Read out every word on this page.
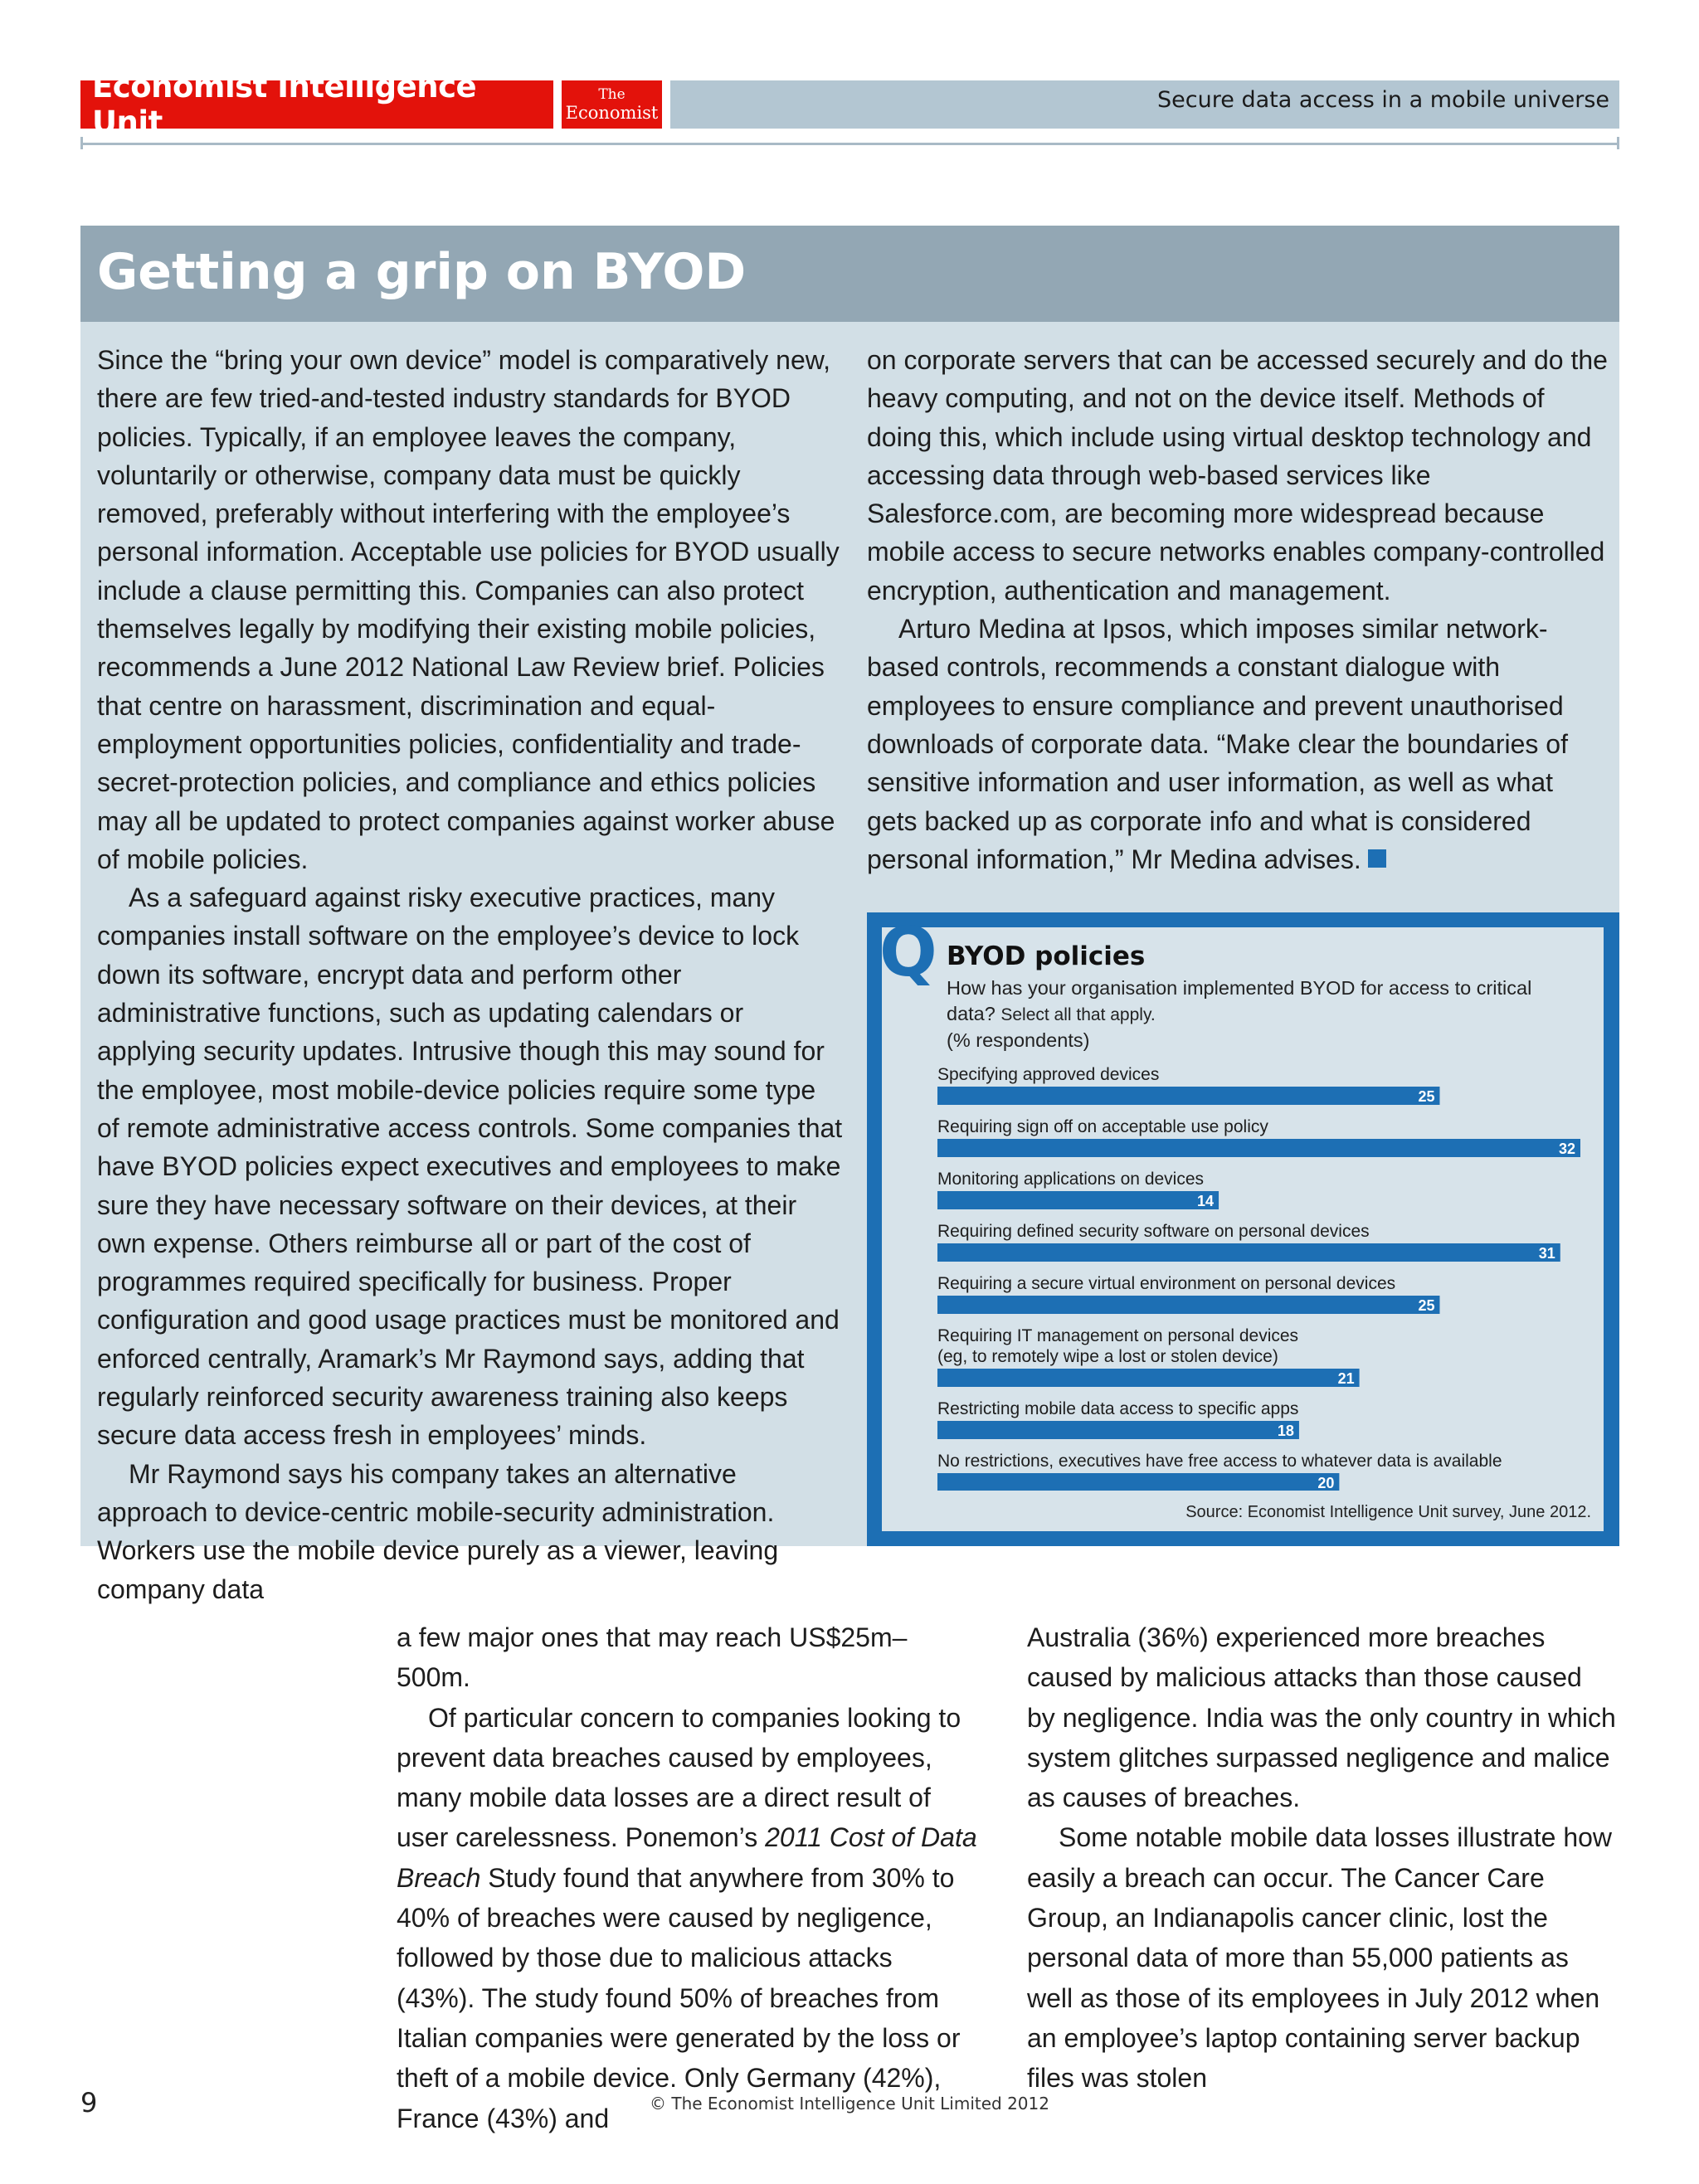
Economist Intelligence Unit
The
Economist	Secure data access in a mobile universe
Getting a grip on BYOD

Since the “bring your own device” model is comparatively new, there are few tried-and-tested industry standards for BYOD policies. Typically, if an employee leaves the company, voluntarily or otherwise, company data must be quickly removed, preferably without interfering with the employee’s personal information. Acceptable use policies for BYOD usually include a clause permitting this. Companies can also protect themselves legally by modifying their existing mobile policies, recommends a June 2012 National Law Review brief. Policies that centre on harassment, discrimination and equal-employment opportunities policies, confidentiality and trade-secret-protection policies, and compliance and ethics policies may all be updated to protect companies against worker abuse of mobile policies.

As a safeguard against risky executive practices, many companies install software on the employee’s device to lock down its software, encrypt data and perform other administrative functions, such as updating calendars or applying security updates. Intrusive though this may sound for the employee, most mobile-device policies require some type of remote administrative access controls. Some companies that have BYOD policies expect executives and employees to make sure they have necessary software on their devices, at their own expense. Others reimburse all or part of the cost of programmes required specifically for business. Proper configuration and good usage practices must be monitored and enforced centrally, Aramark’s Mr Raymond says, adding that regularly reinforced security awareness training also keeps secure data access fresh in employees’ minds.

Mr Raymond says his company takes an alternative approach to device-centric mobile-security administration. Workers use the mobile device purely as a viewer, leaving company data

on corporate servers that can be accessed securely and do the heavy computing, and not on the device itself. Methods of doing this, which include using virtual desktop technology and accessing data through web-based services like Salesforce.com, are becoming more widespread because mobile access to secure networks enables company-controlled encryption, authentication and management.

Arturo Medina at Ipsos, which imposes similar network-based controls, recommends a constant dialogue with employees to ensure compliance and prevent unauthorised downloads of corporate data. “Make clear the boundaries of sensitive information and user information, as well as what gets backed up as corporate info and what is considered personal information,” Mr Medina advises.

Q BYOD policies
How has your organisation implemented BYOD for access to critical data? Select all that apply.
(% respondents)
Specifying approved devices
25
Requiring sign off on acceptable use policy
32
Monitoring applications on devices
14
Requiring defined security software on personal devices
31
Requiring a secure virtual environment on personal devices
25
Requiring IT management on personal devices
(eg, to remotely wipe a lost or stolen device)
21
Restricting mobile data access to specific apps
18
No restrictions, executives have free access to whatever data is available
20
Source: Economist Intelligence Unit survey, June 2012.

a few major ones that may reach US$25m–500m.

Of particular concern to companies looking to prevent data breaches caused by employees, many mobile data losses are a direct result of user carelessness. Ponemon’s 2011 Cost of Data Breach Study found that anywhere from 30% to 40% of breaches were caused by negligence, followed by those due to malicious attacks (43%). The study found 50% of breaches from Italian companies were generated by the loss or theft of a mobile device. Only Germany (42%), France (43%) and

Australia (36%) experienced more breaches caused by malicious attacks than those caused by negligence. India was the only country in which system glitches surpassed negligence and malice as causes of breaches.

Some notable mobile data losses illustrate how easily a breach can occur. The Cancer Care Group, an Indianapolis cancer clinic, lost the personal data of more than 55,000 patients as well as those of its employees in July 2012 when an employee’s laptop containing server backup files was stolen

9	© The Economist Intelligence Unit Limited 2012
